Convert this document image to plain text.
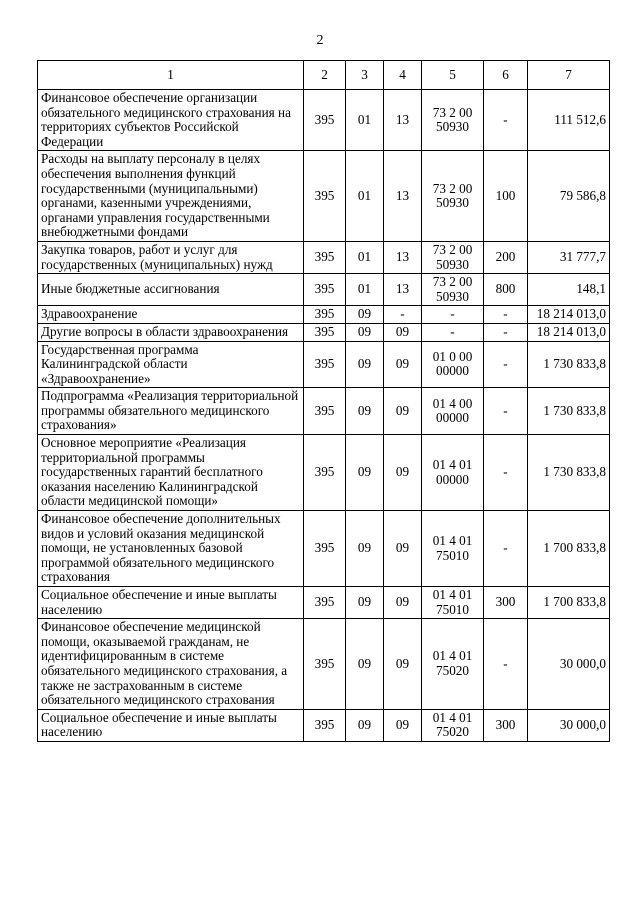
2
1	2	3	4	5	6	7
Финансовое обеспечение организации обязательного медицинского страхования на территориях субъектов Российской Федерации	395	01	13	73 2 00 50930	-	111 512,6
Расходы на выплату персоналу в целях обеспечения выполнения функций государственными (муниципальными) органами, казенными учреждениями, органами управления государственными внебюджетными фондами	395	01	13	73 2 00 50930	100	79 586,8
Закупка товаров, работ и услуг для государственных (муниципальных) нужд	395	01	13	73 2 00 50930	200	31 777,7
Иные бюджетные ассигнования	395	01	13	73 2 00 50930	800	148,1
Здравоохранение	395	09	-	-	-	18 214 013,0
Другие вопросы в области здравоохранения	395	09	09	-	-	18 214 013,0
Государственная программа Калининградской области «Здравоохранение»	395	09	09	01 0 00 00000	-	1 730 833,8
Подпрограмма «Реализация территориальной программы обязательного медицинского страхования»	395	09	09	01 4 00 00000	-	1 730 833,8
Основное мероприятие «Реализация территориальной программы государственных гарантий бесплатного оказания населению Калининградской области медицинской помощи»	395	09	09	01 4 01 00000	-	1 730 833,8
Финансовое обеспечение дополнительных видов и условий оказания медицинской помощи, не установленных базовой программой обязательного медицинского страхования	395	09	09	01 4 01 75010	-	1 700 833,8
Социальное обеспечение и иные выплаты населению	395	09	09	01 4 01 75010	300	1 700 833,8
Финансовое обеспечение медицинской помощи, оказываемой гражданам, не идентифицированным в системе обязательного медицинского страхования, а также не застрахованным в системе обязательного медицинского страхования	395	09	09	01 4 01 75020	-	30 000,0
Социальное обеспечение и иные выплаты населению	395	09	09	01 4 01 75020	300	30 000,0
